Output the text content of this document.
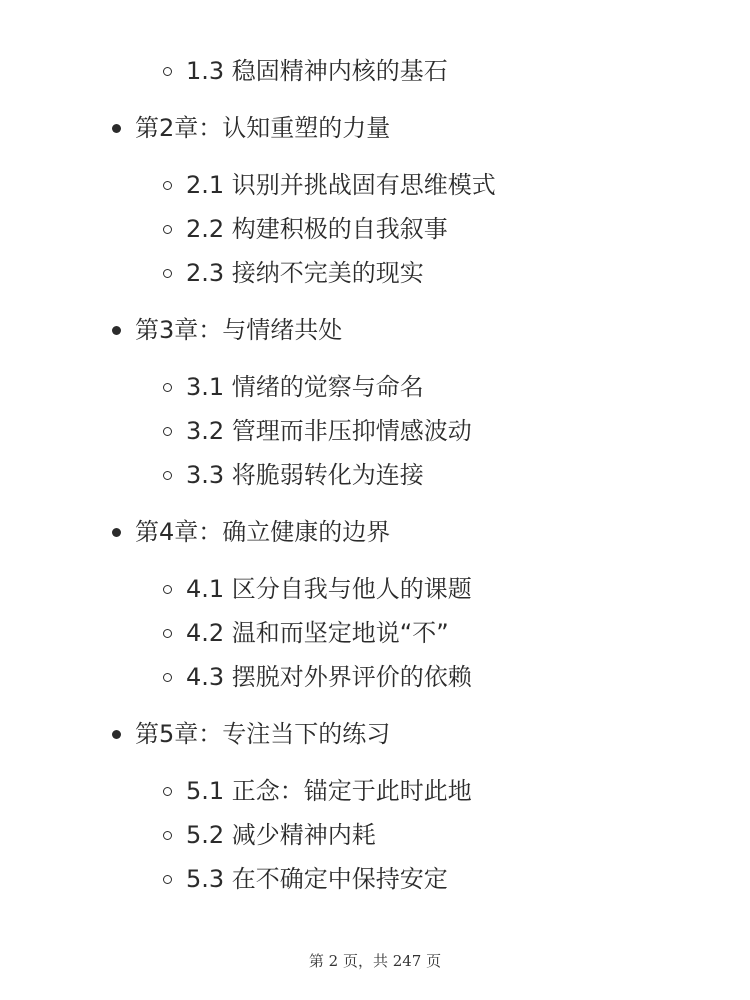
1.3 稳固精神内核的基石
第2章：认知重塑的力量
2.1 识别并挑战固有思维模式
2.2 构建积极的自我叙事
2.3 接纳不完美的现实
第3章：与情绪共处
3.1 情绪的觉察与命名
3.2 管理而非压抑情感波动
3.3 将脆弱转化为连接
第4章：确立健康的边界
4.1 区分自我与他人的课题
4.2 温和而坚定地说“不”
4.3 摆脱对外界评价的依赖
第5章：专注当下的练习
5.1 正念：锚定于此时此地
5.2 减少精神内耗
5.3 在不确定中保持安定
第 2 页，共 247 页
